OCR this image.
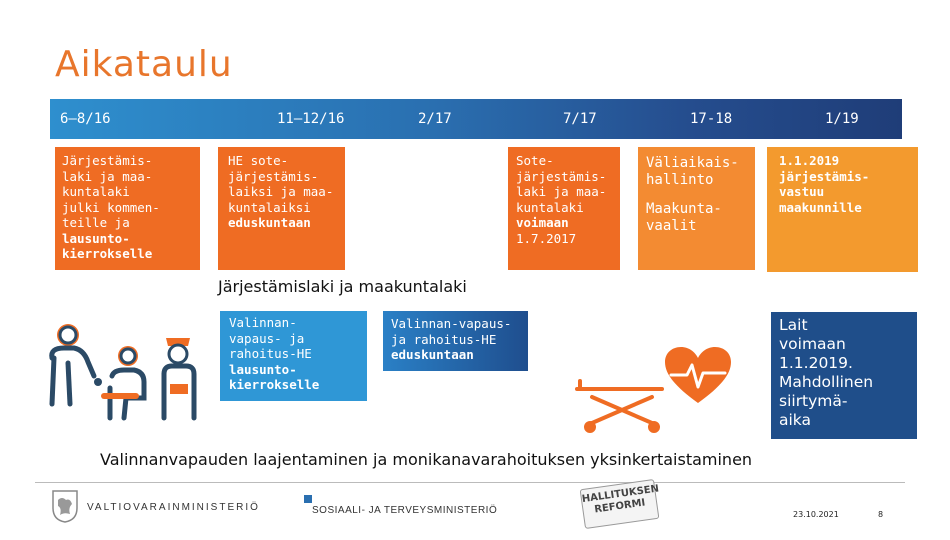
Aikataulu
6–8/16	11–12/16	2/17	7/17	17-18	1/19
Järjestämis-
laki ja maa-
kuntalaki
julki kommen-
teille ja lausunto-
kierrokselle
HE sote-
järjestämis-
laiksi ja maa-
kuntalaiksi
eduskuntaan
Sote-
järjestämis-
laki ja maa-
kuntalaki
voimaan
1.7.2017
Väliaikais-
hallinto
Maakunta-
vaalit
1.1.2019
järjestämis-
vastuu
maakunnille
Järjestämislaki ja maakuntalaki
Valinnan-
vapaus- ja
rahoitus-HE
lausunto-
kierrokselle
Valinnan-vapaus-
ja rahoitus-HE
eduskuntaan
Lait
voimaan
1.1.2019.
Mahdollinen
siirtymä-
aika
Valinnanvapauden laajentaminen ja monikanavarahoituksen yksinkertaistaminen
VALTIOVARAINMINISTERIÖ	SOSIAALI- JA TERVEYSMINISTERIÖ
HALLITUKSEN
REFORMI	23.10.2021	8
